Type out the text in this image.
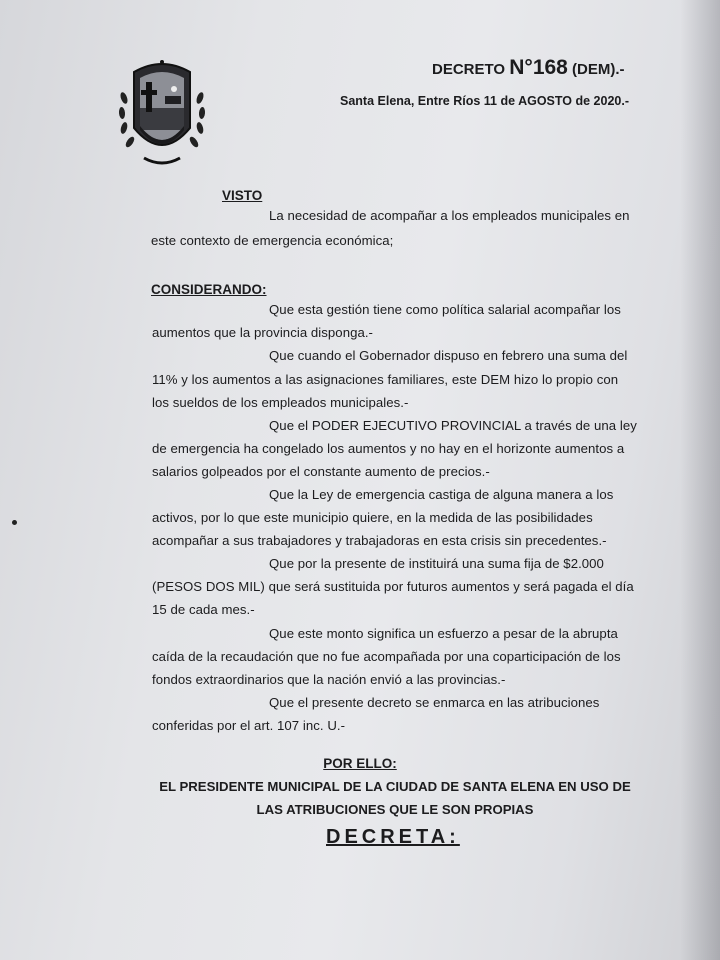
DECRETO N°168 (DEM).-
Santa Elena, Entre Ríos 11 de AGOSTO de 2020.-
VISTO
La necesidad de acompañar a los empleados municipales en
este contexto de emergencia económica;
CONSIDERANDO:
Que esta gestión tiene como política salarial acompañar los
aumentos que la provincia disponga.-
Que cuando el Gobernador dispuso en febrero una suma del
11% y los aumentos a las asignaciones familiares, este DEM hizo lo propio con
los sueldos de los empleados municipales.-
Que el PODER EJECUTIVO PROVINCIAL a través de una ley
de emergencia ha congelado los aumentos y no hay en el horizonte aumentos a
salarios golpeados por el constante aumento de precios.-
Que la Ley de emergencia castiga de alguna manera a los
activos, por lo que este municipio quiere, en la medida de las posibilidades
acompañar a sus trabajadores y trabajadoras en esta crisis sin precedentes.-
Que por la presente de instituirá una suma fija de $2.000
(PESOS DOS MIL) que será sustituida por futuros aumentos y será pagada el día
15 de cada mes.-
Que este monto significa un esfuerzo a pesar de la abrupta
caída de la recaudación que no fue acompañada por una coparticipación de los
fondos extraordinarios que la nación envió a las provincias.-
Que el presente decreto se enmarca en las atribuciones
conferidas por el art. 107 inc. U.-
POR ELLO:
EL PRESIDENTE MUNICIPAL DE LA CIUDAD DE SANTA ELENA EN USO DE
LAS ATRIBUCIONES QUE LE SON PROPIAS
DECRETA:
